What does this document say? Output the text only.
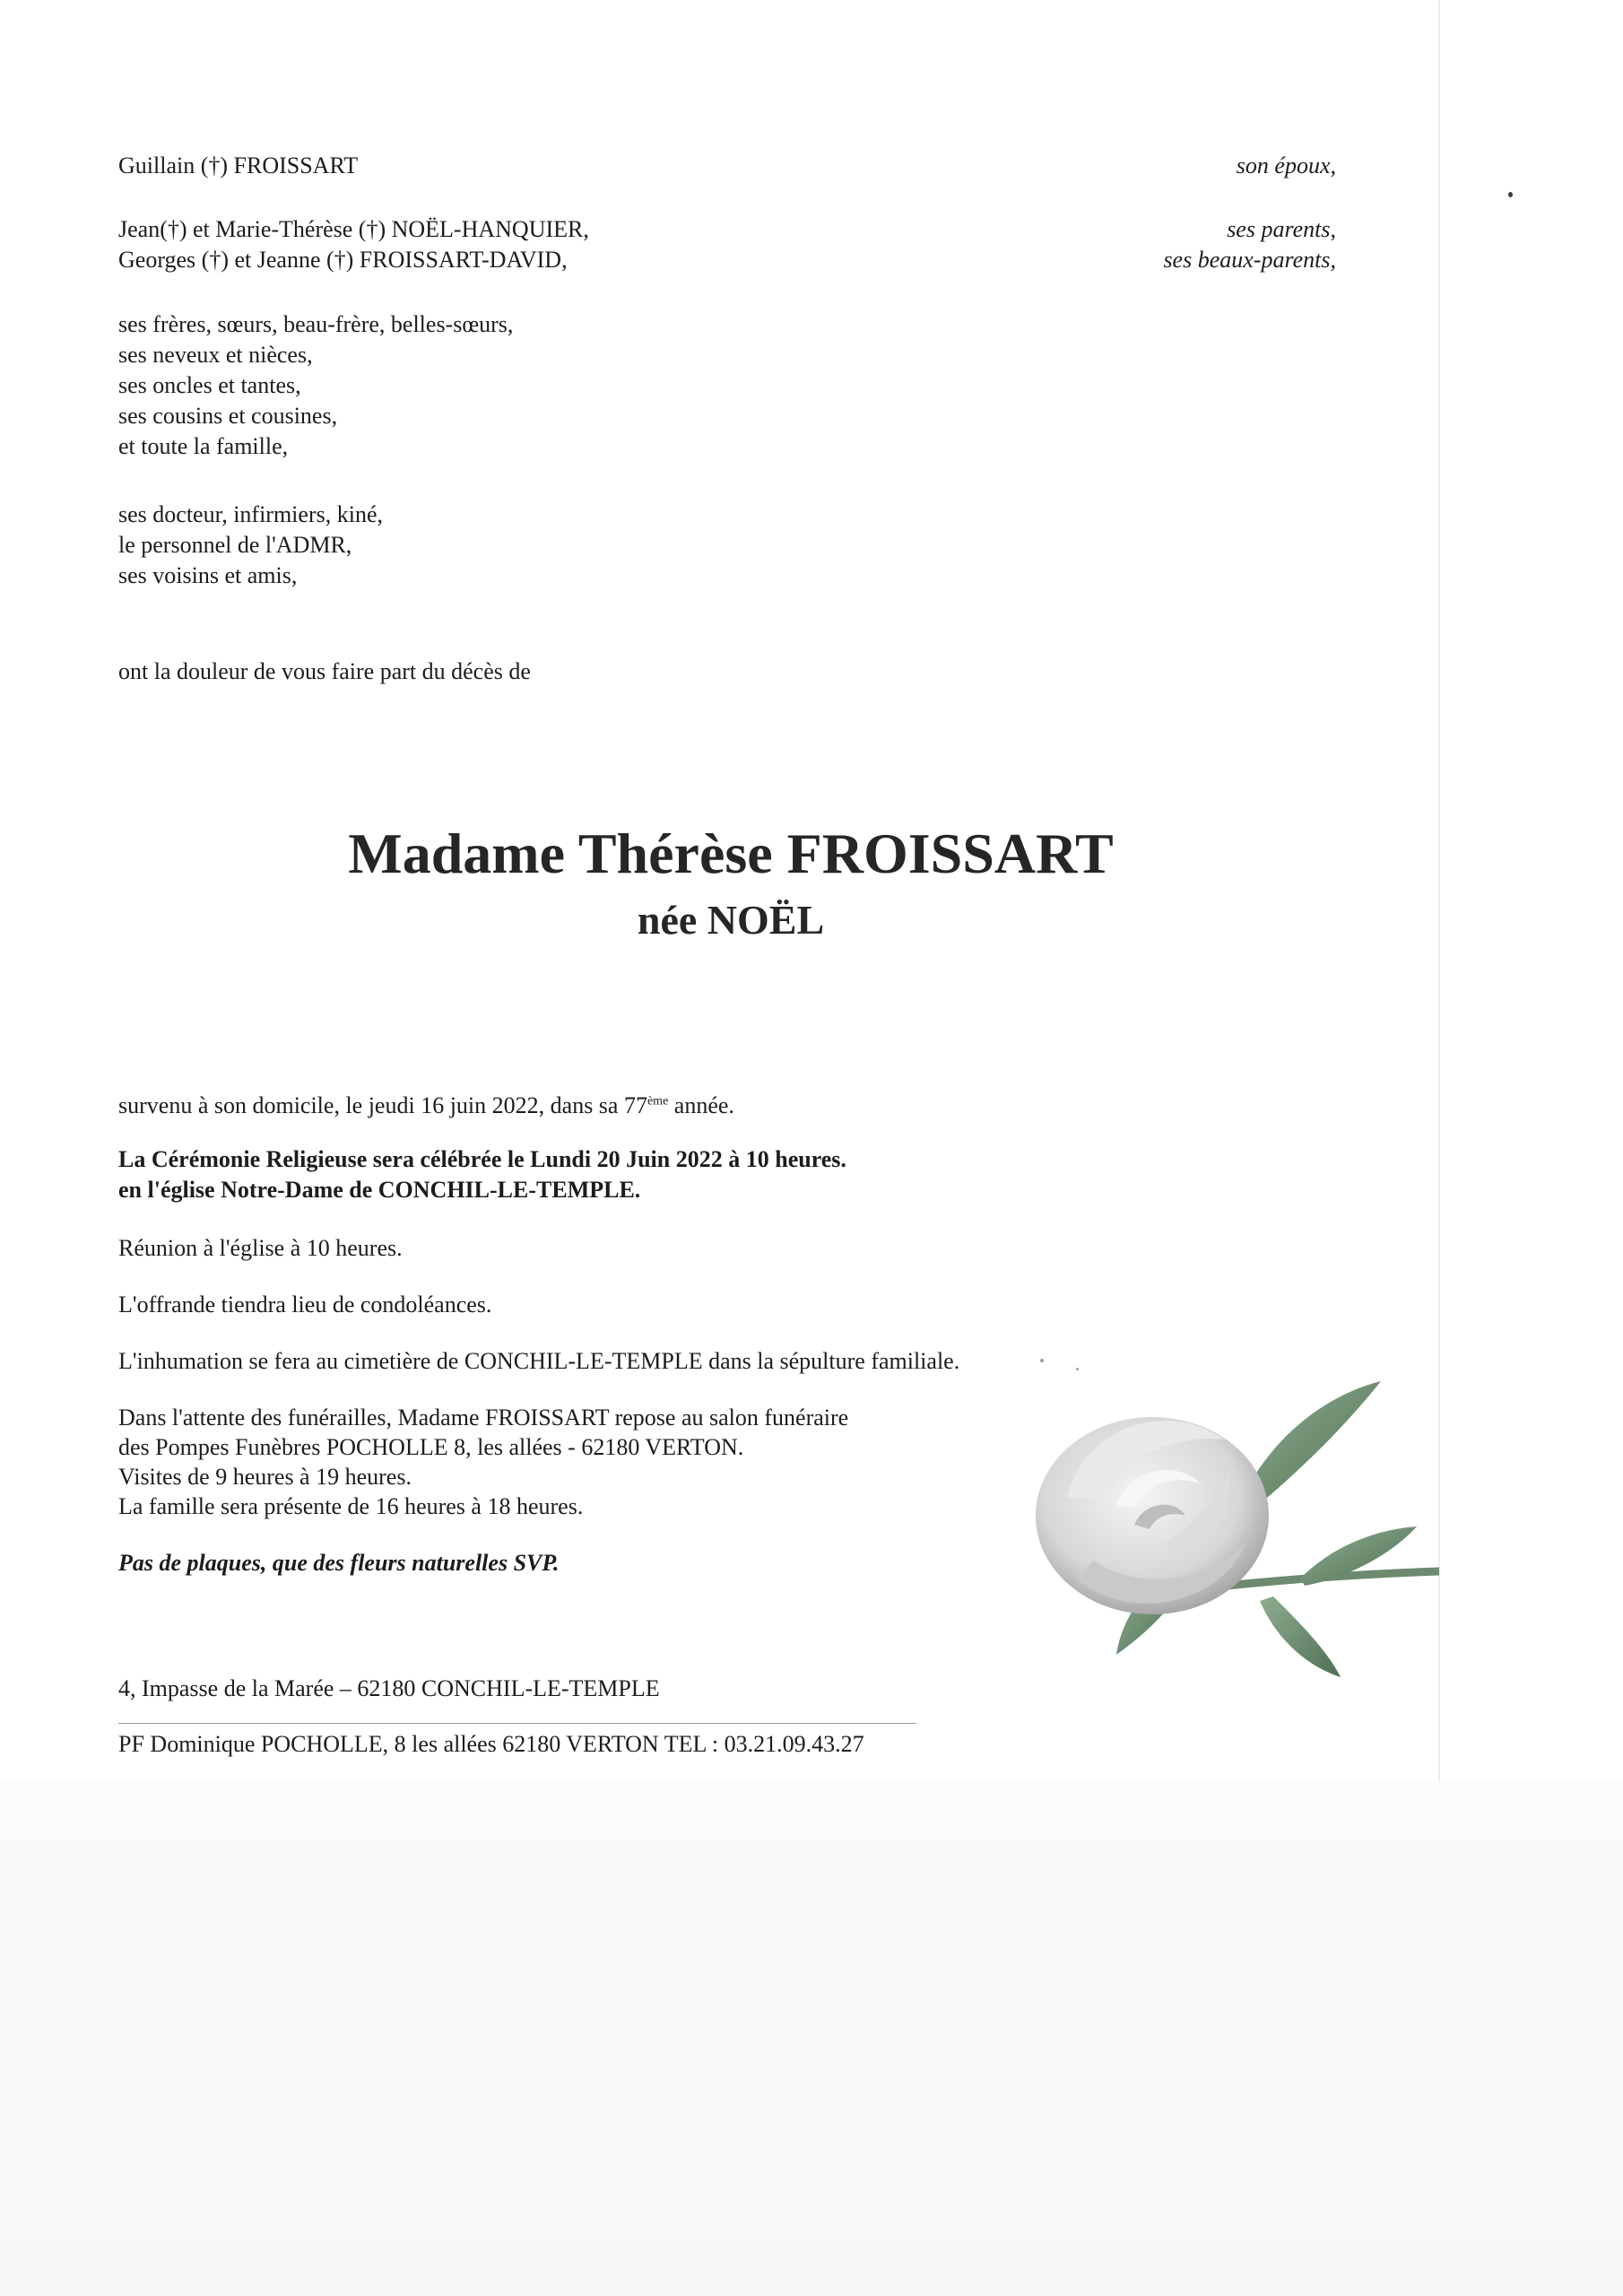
Guillain (†) FROISSART	son époux,
Jean(†) et Marie-Thérèse (†) NOËL-HANQUIER,	ses parents,
Georges (†) et Jeanne (†) FROISSART-DAVID,	ses beaux-parents,
ses frères, sœurs, beau-frère, belles-sœurs,
ses neveux et nièces,
ses oncles et tantes,
ses cousins et cousines,
et toute la famille,
ses docteur, infirmiers, kiné,
le personnel de l'ADMR,
ses voisins et amis,
ont la douleur de vous faire part du décès de
Madame Thérèse FROISSART
née NOËL
survenu à son domicile, le jeudi 16 juin 2022, dans sa 77ème année.
La Cérémonie Religieuse sera célébrée le Lundi 20 Juin 2022 à 10 heures.
en l'église Notre-Dame de CONCHIL-LE-TEMPLE.
Réunion à l'église à 10 heures.
L'offrande tiendra lieu de condoléances.
L'inhumation se fera au cimetière de CONCHIL-LE-TEMPLE dans la sépulture familiale.
Dans l'attente des funérailles, Madame FROISSART repose au salon funéraire
des Pompes Funèbres POCHOLLE 8, les allées - 62180 VERTON.
Visites de 9 heures à 19 heures.
La famille sera présente de 16 heures à 18 heures.
Pas de plaques, que des fleurs naturelles SVP.
4, Impasse de la Marée – 62180 CONCHIL-LE-TEMPLE
PF Dominique POCHOLLE, 8 les allées 62180 VERTON TEL : 03.21.09.43.27
